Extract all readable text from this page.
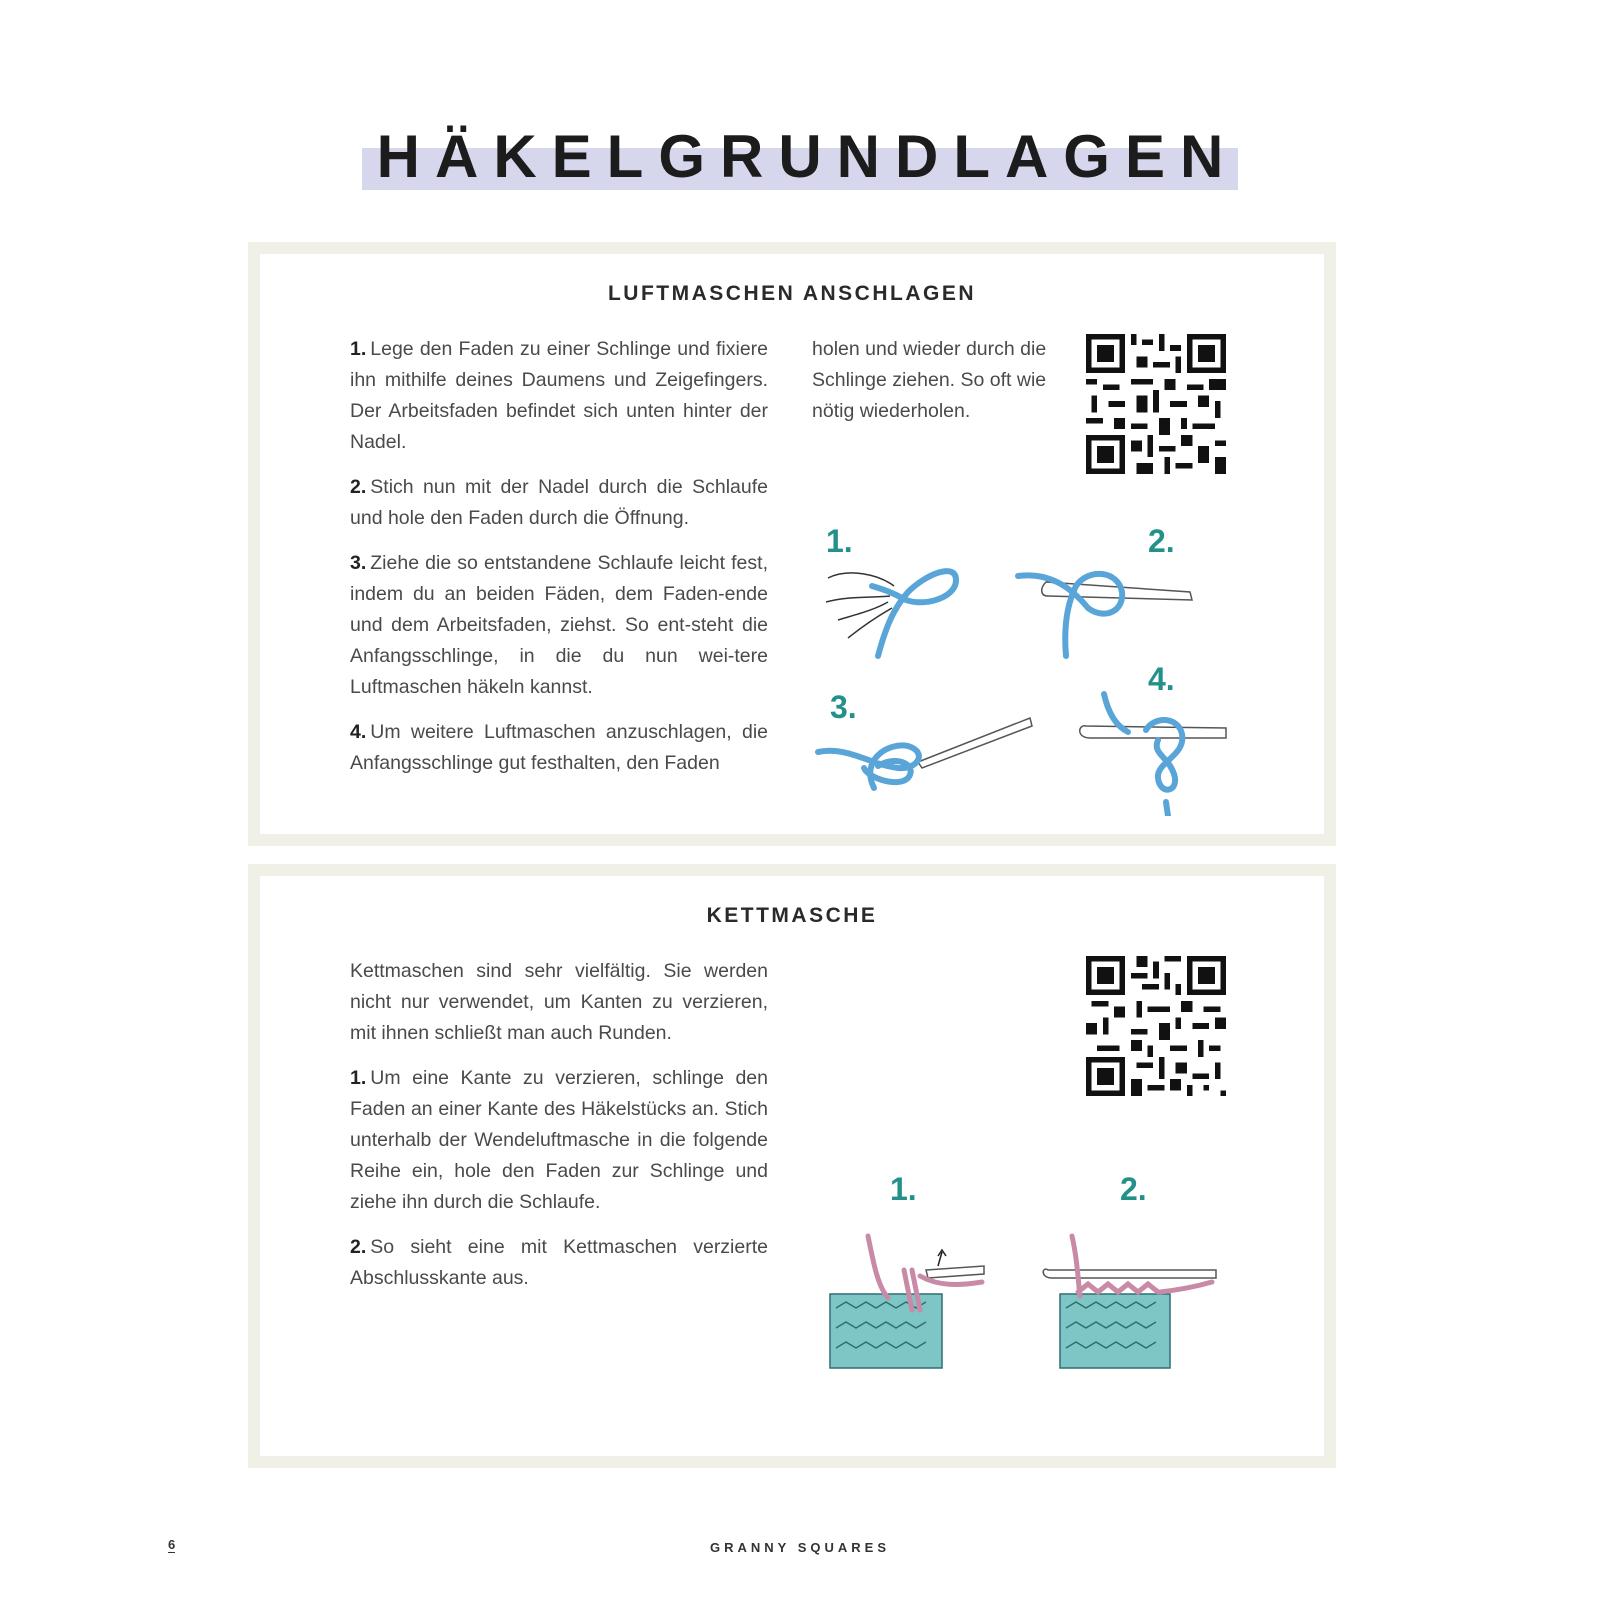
HÄKELGRUNDLAGEN
LUFTMASCHEN ANSCHLAGEN

1. Lege den Faden zu einer Schlinge und fixiere ihn mithilfe deines Daumens und Zeigefingers. Der Arbeitsfaden befindet sich unten hinter der Nadel.

2. Stich nun mit der Nadel durch die Schlaufe und hole den Faden durch die Öffnung.

3. Ziehe die so entstandene Schlaufe leicht fest, indem du an beiden Fäden, dem Faden-ende und dem Arbeitsfaden, ziehst. So ent-steht die Anfangsschlinge, in die du nun wei-tere Luftmaschen häkeln kannst.

4. Um weitere Luftmaschen anzuschlagen, die Anfangsschlinge gut festhalten, den Faden

holen und wieder durch die Schlinge ziehen. So oft wie nötig wiederholen.

1.	2.
3.
4.
KETTMASCHE

Kettmaschen sind sehr vielfältig. Sie werden nicht nur verwendet, um Kanten zu verzieren, mit ihnen schließt man auch Runden.

1. Um eine Kante zu verzieren, schlinge den Faden an einer Kante des Häkelstücks an. Stich unterhalb der Wendeluftmasche in die folgende Reihe ein, hole den Faden zur Schlinge und ziehe ihn durch die Schlaufe.

2. So sieht eine mit Kettmaschen verzierte Abschlusskante aus.

1.	2.
6	GRANNY SQUARES
